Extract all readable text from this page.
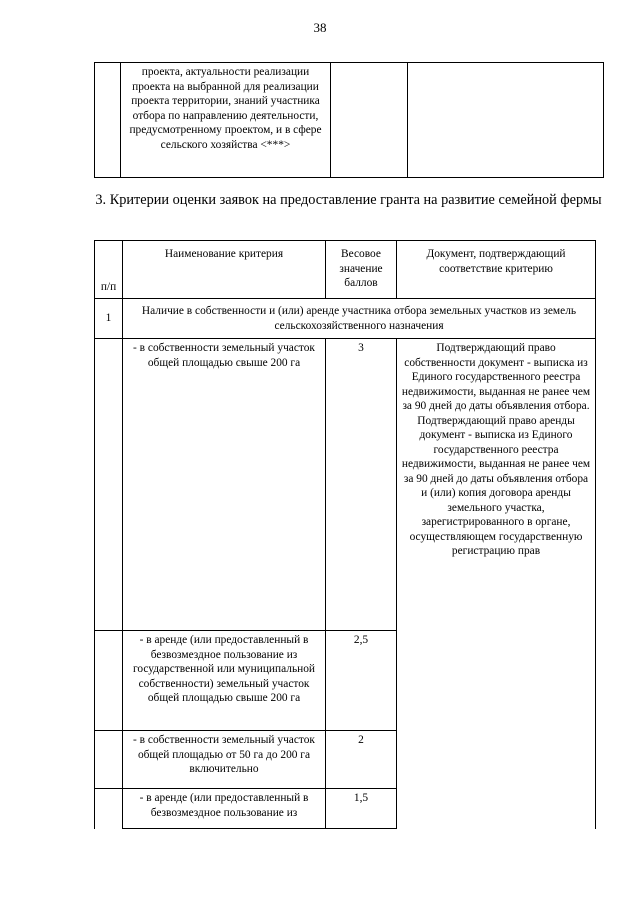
38
	проекта, актуальности реализации проекта на выбранной для реализации проекта территории, знаний участника отбора по направлению деятельности, предусмотренному проектом, и в сфере сельского хозяйства <***>		
3. Критерии оценки заявок на предоставление гранта на развитие семейной фермы
п/п	Наименование критерия	Весовое значение баллов	Документ, подтверждающий соответствие критерию
1	Наличие в собственности и (или) аренде участника отбора земельных участков из земель сельскохозяйственного назначения		
	- в собственности земельный участок общей площадью свыше 200 га	3	Подтверждающий право собственности документ - выписка из Единого государственного реестра недвижимости, выданная не ранее чем за 90 дней до даты объявления отбора. Подтверждающий право аренды документ - выписка из Единого государственного реестра недвижимости, выданная не ранее чем за 90 дней до даты объявления отбора и (или) копия договора аренды земельного участка, зарегистрированного в органе, осуществляющем государственную регистрацию прав
	- в аренде (или предоставленный в безвозмездное пользование из государственной или муниципальной собственности) земельный участок общей площадью свыше 200 га	2,5	
	- в собственности земельный участок общей площадью от 50 га до 200 га включительно	2	
	- в аренде (или предоставленный в безвозмездное пользование из	1,5	
